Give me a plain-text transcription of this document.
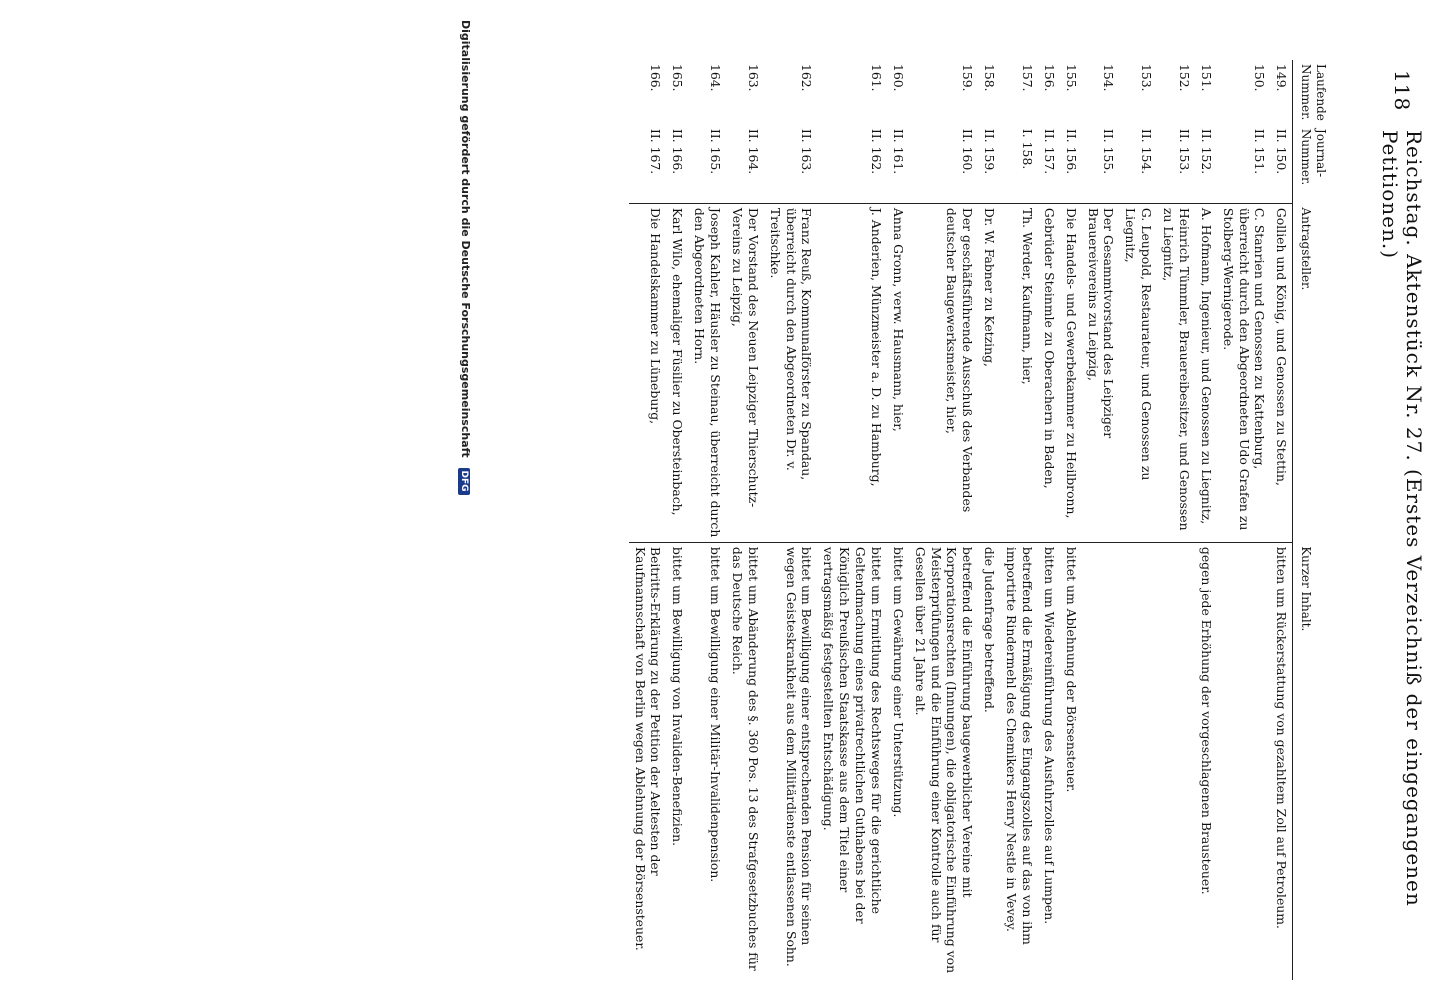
118
Reichstag. Aktenstück Nr. 27. (Erstes Verzeichniß der eingegangenen Petitionen.)
Laufende Nummer.	Journal-Nummer.	Antragsteller.	Kurzer Inhalt.
149.	II. 150.	Gollieh und König, und Genossen zu Stettin,	bitten um Rückerstattung von gezahltem Zoll auf Petroleum.
150.	II. 151.	C. Stanrien und Genossen zu Kattenburg, überreicht durch den Abgeordneten Udo Grafen zu Stolberg-Wernigerode.	
151.	II. 152.	A. Hofmann, Ingenieur, und Genossen zu Liegnitz,	gegen jede Erhöhung der vorgeschlagenen Brausteuer.
152.	II. 153.	Heinrich Tümmler, Brauereibesitzer, und Genossen zu Liegnitz,	
153.	II. 154.	G. Leupold, Restaurateur, und Genossen zu Liegnitz,	
154.	II. 155.	Der Gesammtvorstand des Leipziger Brauereivereins zu Leipzig,	
155.	II. 156.	Die Handels- und Gewerbekammer zu Heilbronn,	bittet um Ablehnung der Börsensteuer.
156.	II. 157.	Gebrüder Steinmle zu Oberachern in Baden,	bitten um Wiedereinführung des Ausfuhrzolles auf Lumpen.
157.	I. 158.	Th. Werder, Kaufmann, hier,	betreffend die Ermäßigung des Eingangszolles auf das von ihm importirte Rindermehl des Chemikers Henry Nestle in Vevey.
158.	II. 159.	Dr. W. Fabner zu Ketzing,	die Judenfrage betreffend.
159.	II. 160.	Der geschäftsführende Ausschuß des Verbandes deutscher Baugewerksmeister, hier,	betreffend die Einführung baugewerblicher Vereine mit Korporationsrechten (Innungen), die obligatorische Einführung von Meisterprüfungen und die Einführung einer Kontrolle auch für Gesellen über 21 Jahre alt.
160.	II. 161.	Anna Gronn, verw. Hausmann, hier,	bittet um Gewährung einer Unterstützung.
161.	II. 162.	J. Anderien, Münzmeister a. D. zu Hamburg,	bittet um Ermittlung des Rechtsweges für die gerichtliche Geltendmachung eines privatrechtlichen Guthabens bei der Königlich Preußischen Staatskasse aus dem Titel einer vertragsmäßig festgestellten Entschädigung.
162.	II. 163.	Franz Reuß, Kommunalförster zu Spandau, überreicht durch den Abgeordneten Dr. v. Treitschke.	bittet um Bewilligung einer entsprechenden Pension für seinen wegen Geisteskrankheit aus dem Militärdienste entlassenen Sohn.
163.	II. 164.	Der Vorstand des Neuen Leipziger Thierschutz-Vereins zu Leipzig,	bittet um Abänderung des §. 360 Pos. 13 des Strafgesetzbuches für das Deutsche Reich.
164.	II. 165.	Joseph Kahler, Häusler zu Steinau, überreicht durch den Abgeordneten Horn.	bittet um Bewilligung einer Militär-Invalidenpension.
165.	II. 166.	Karl Wilo, ehemaliger Füsilier zu Obersteinbach,	bittet um Bewilligung von Invaliden-Benefizien.
166.	II. 167.	Die Handelskammer zu Lüneburg,	Beitritts-Erklärung zu der Petition der Aeltesten der Kaufmannschaft von Berlin wegen Ablehnung der Börsensteuer.
Digitalisierung gefördert durch die Deutsche Forschungsgemeinschaft DFG
